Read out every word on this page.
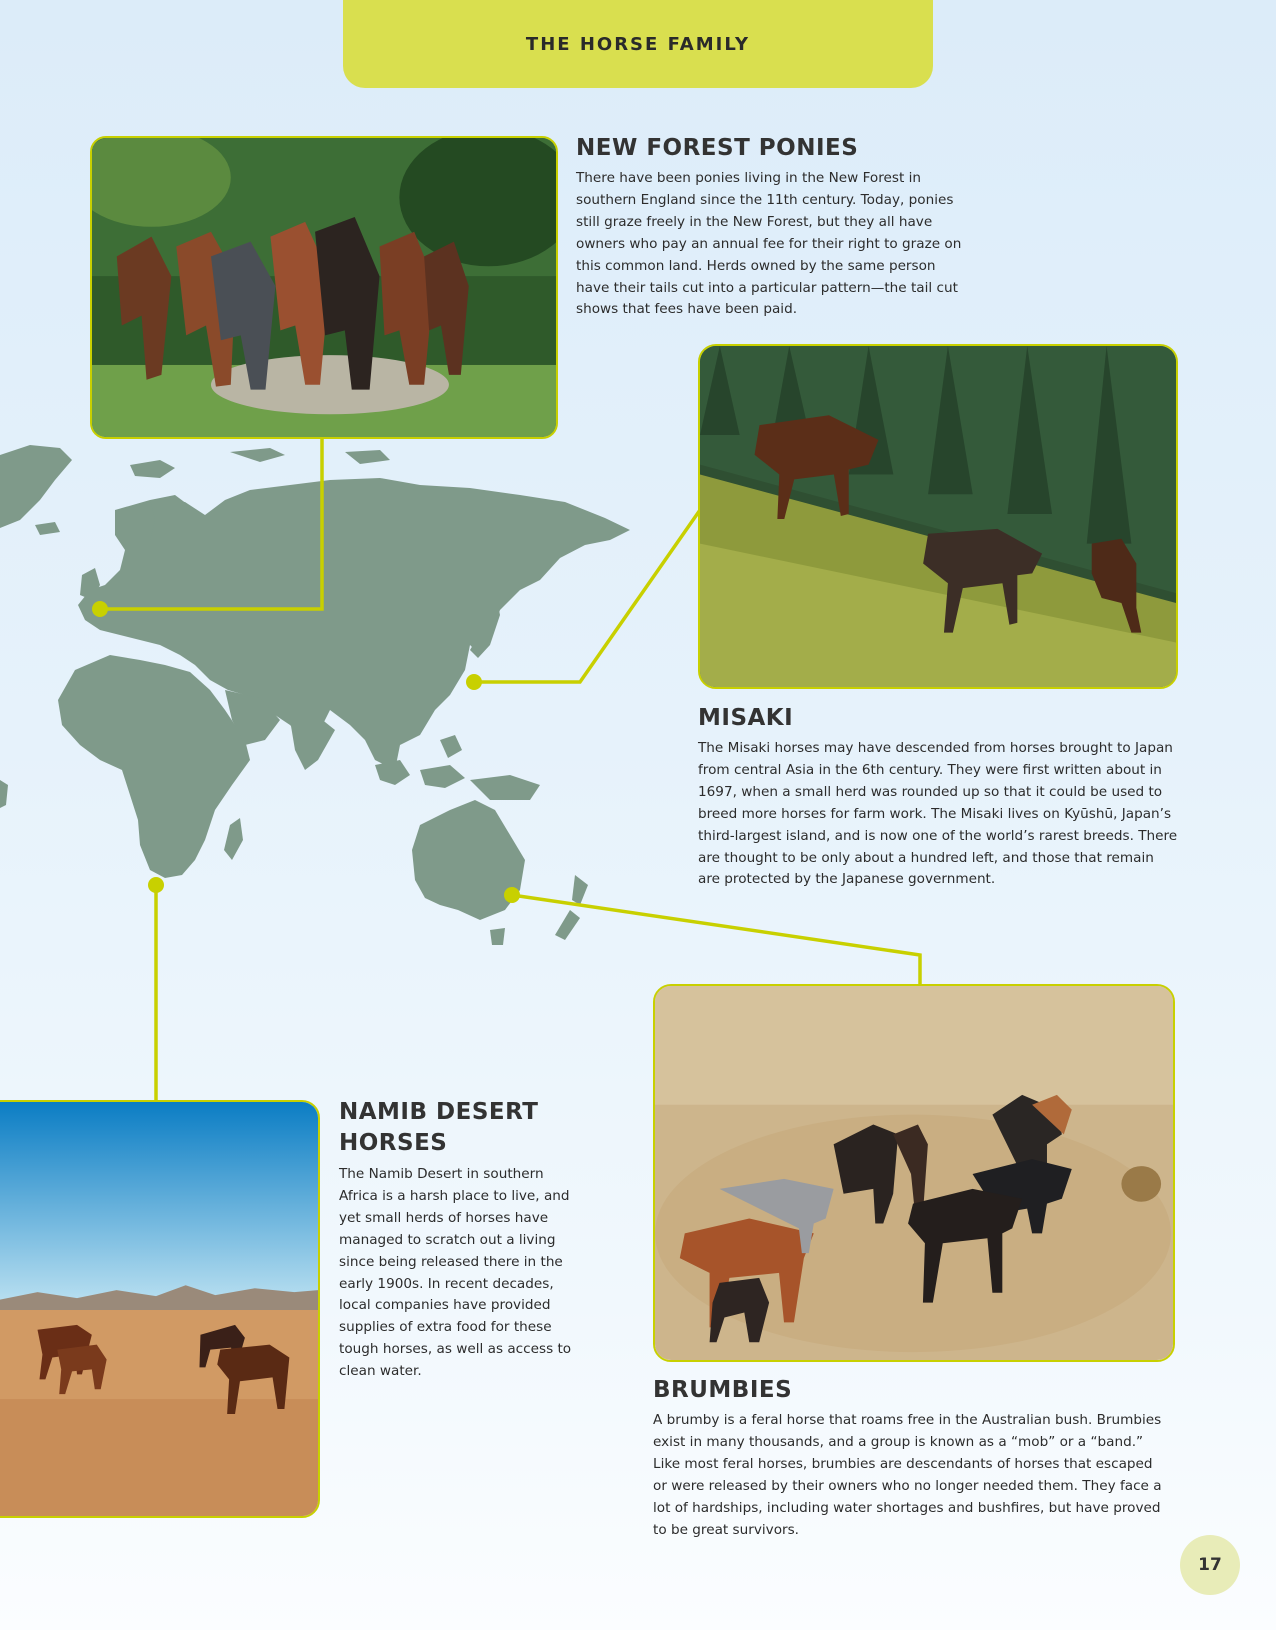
THE HORSE FAMILY
NEW FOREST PONIES

There have been ponies living in the New Forest in southern England since the 11th century. Today, ponies still graze freely in the New Forest, but they all have owners who pay an annual fee for their right to graze on this common land. Herds owned by the same person have their tails cut into a particular pattern—the tail cut shows that fees have been paid.

MISAKI

The Misaki horses may have descended from horses brought to Japan from central Asia in the 6th century. They were first written about in 1697, when a small herd was rounded up so that it could be used to breed more horses for farm work. The Misaki lives on Kyūshū, Japan’s third-largest island, and is now one of the world’s rarest breeds. There are thought to be only about a hundred left, and those that remain are protected by the Japanese government.

BRUMBIES

A brumby is a feral horse that roams free in the Australian bush. Brumbies exist in many thousands, and a group is known as a “mob” or a “band.” Like most feral horses, brumbies are descendants of horses that escaped or were released by their owners who no longer needed them. They face a lot of hardships, including water shortages and bushfires, but have proved to be great survivors.

NAMIB DESERT HORSES

The Namib Desert in southern Africa is a harsh place to live, and yet small herds of horses have managed to scratch out a living since being released there in the early 1900s. In recent decades, local companies have provided supplies of extra food for these tough horses, as well as access to clean water.

17
